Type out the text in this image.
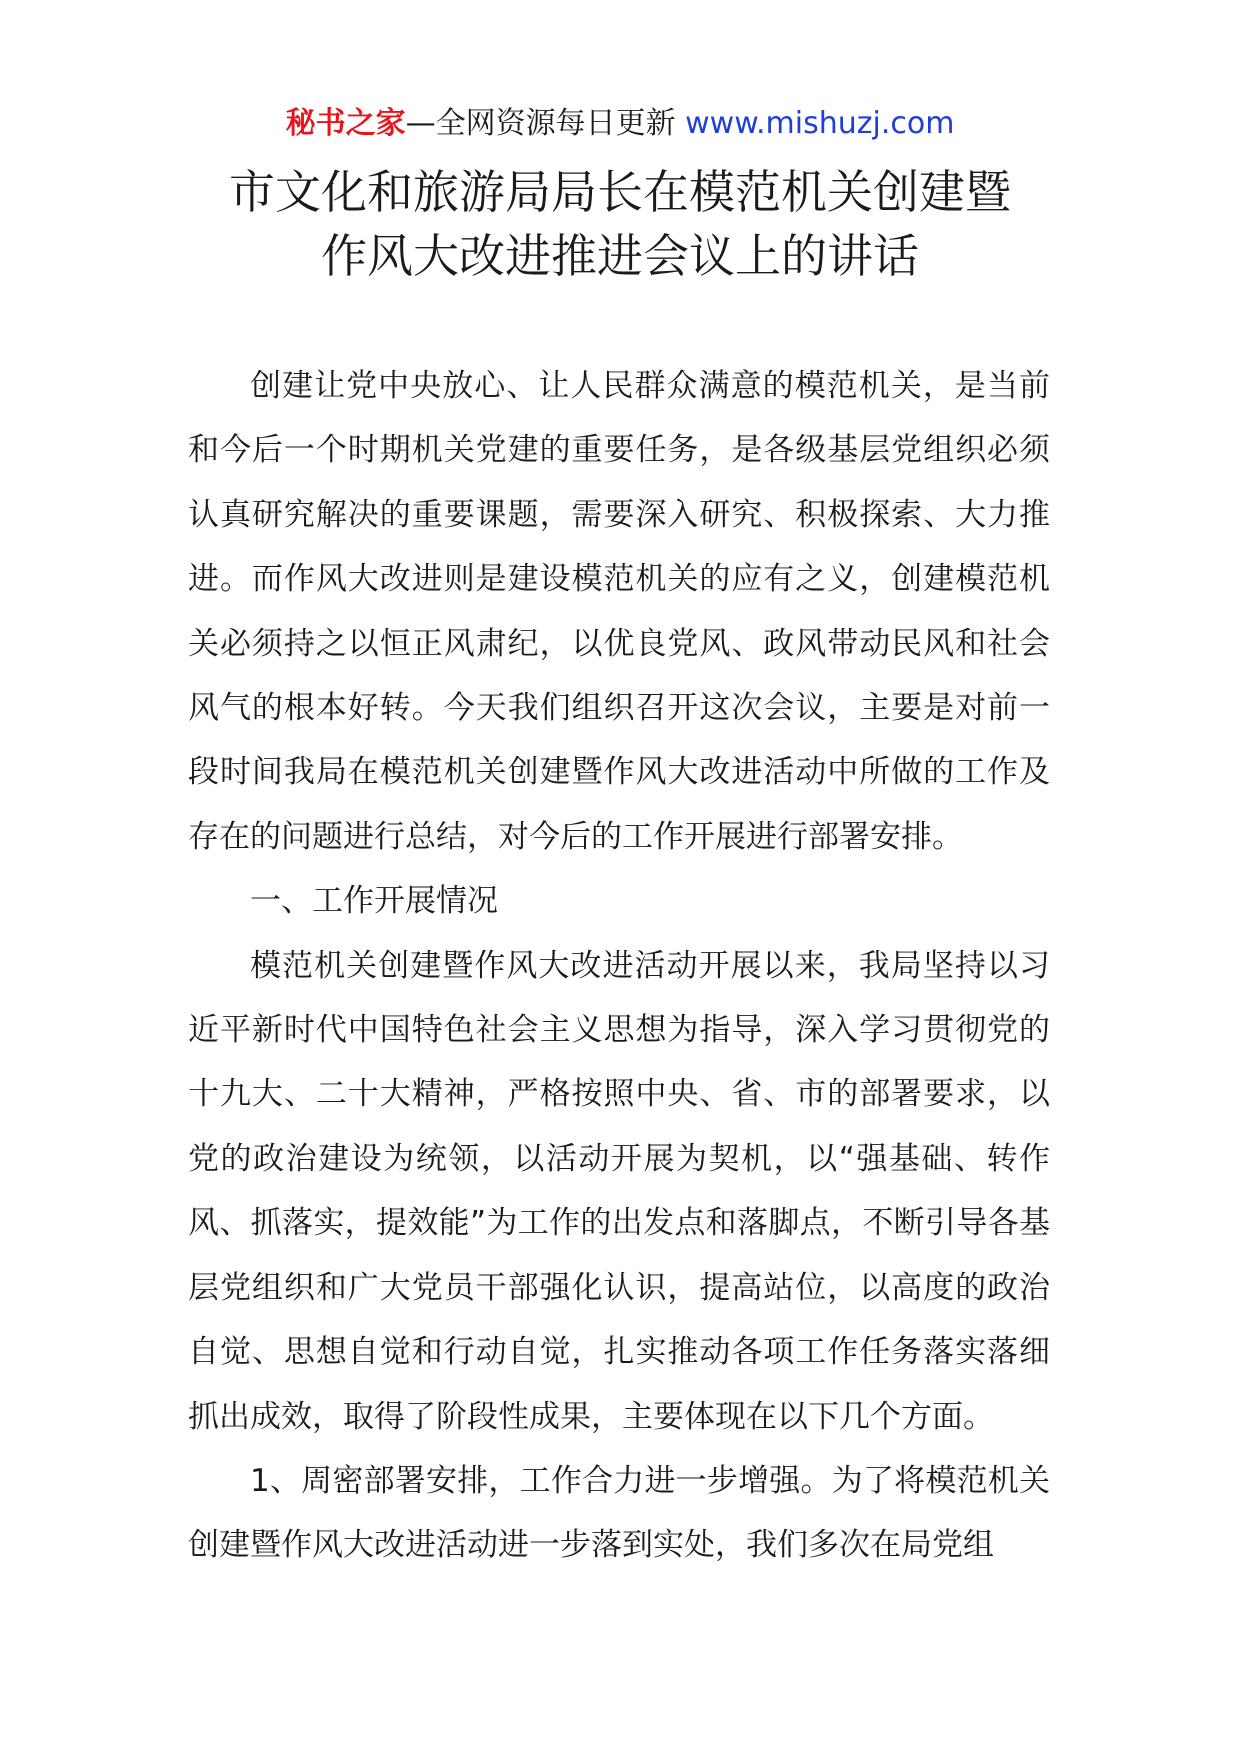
秘书之家—全网资源每日更新 www.mishuzj.com
市文化和旅游局局长在模范机关创建暨
作风大改进推进会议上的讲话

创建让党中央放心、让人民群众满意的模范机关，是当前和今后一个时期机关党建的重要任务，是各级基层党组织必须认真研究解决的重要课题，需要深入研究、积极探索、大力推进。而作风大改进则是建设模范机关的应有之义，创建模范机关必须持之以恒正风肃纪，以优良党风、政风带动民风和社会风气的根本好转。今天我们组织召开这次会议，主要是对前一段时间我局在模范机关创建暨作风大改进活动中所做的工作及存在的问题进行总结，对今后的工作开展进行部署安排。

一、工作开展情况

模范机关创建暨作风大改进活动开展以来，我局坚持以习近平新时代中国特色社会主义思想为指导，深入学习贯彻党的十九大、二十大精神，严格按照中央、省、市的部署要求，以党的政治建设为统领，以活动开展为契机，以“强基础、转作风、抓落实，提效能”为工作的出发点和落脚点，不断引导各基层党组织和广大党员干部强化认识，提高站位，以高度的政治自觉、思想自觉和行动自觉，扎实推动各项工作任务落实落细抓出成效，取得了阶段性成果，主要体现在以下几个方面。

1、周密部署安排，工作合力进一步增强。为了将模范机关创建暨作风大改进活动进一步落到实处，我们多次在局党组
